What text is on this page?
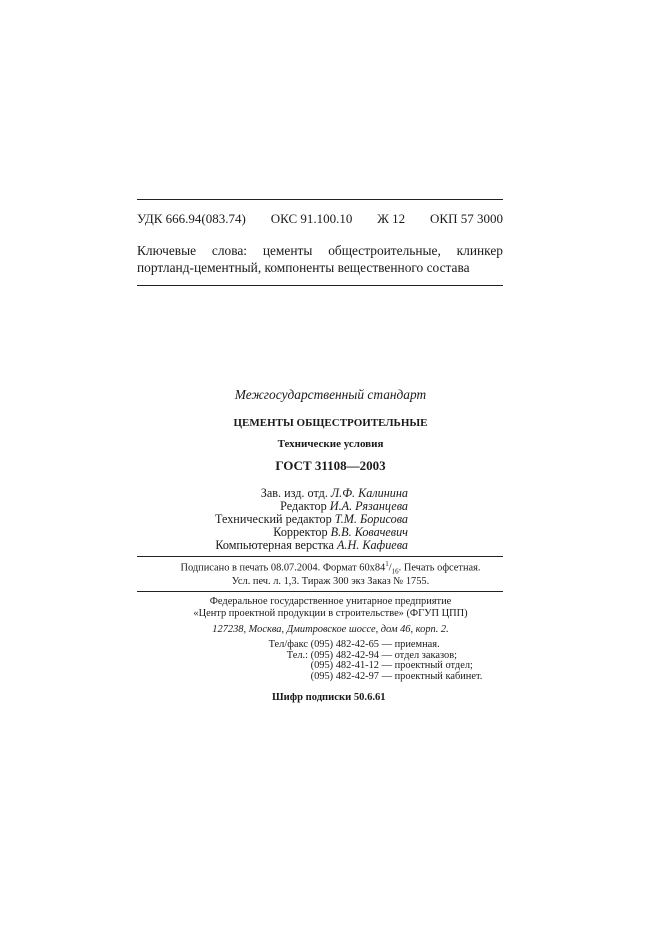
УДК 666.94(083.74) ОКС 91.100.10 Ж 12 ОКП 57 3000
Ключевые слова: цементы общестроительные, клинкер портланд-цементный, компоненты вещественного состава
Межгосударственный стандарт
ЦЕМЕНТЫ ОБЩЕСТРОИТЕЛЬНЫЕ
Технические условия
ГОСТ 31108—2003
Зав. изд. отд. Л.Ф. Калинина
Редактор И.А. Рязанцева
Технический редактор Т.М. Борисова
Корректор В.В. Ковачевич
Компьютерная верстка А.Н. Кафиева
Подписано в печать 08.07.2004. Формат $60х84^1/_{16}$. Печать офсетная.
Усл. печ. л. 1,3. Тираж 300 экз Заказ № 1755.
Федеральное государственное унитарное предприятие
«Центр проектной продукции в строительстве» (ФГУП ЦПП)
127238, Москва, Дмитровское шоссе, дом 46, корп. 2.
Тел/факс
(095) 482-42-65
— приемная.
Тел.:
(095) 482-42-94
— отдел заказов;

(095) 482-41-12
— проектный отдел;

(095) 482-42-97
— проектный кабинет.
Шифр подписки 50.6.61
